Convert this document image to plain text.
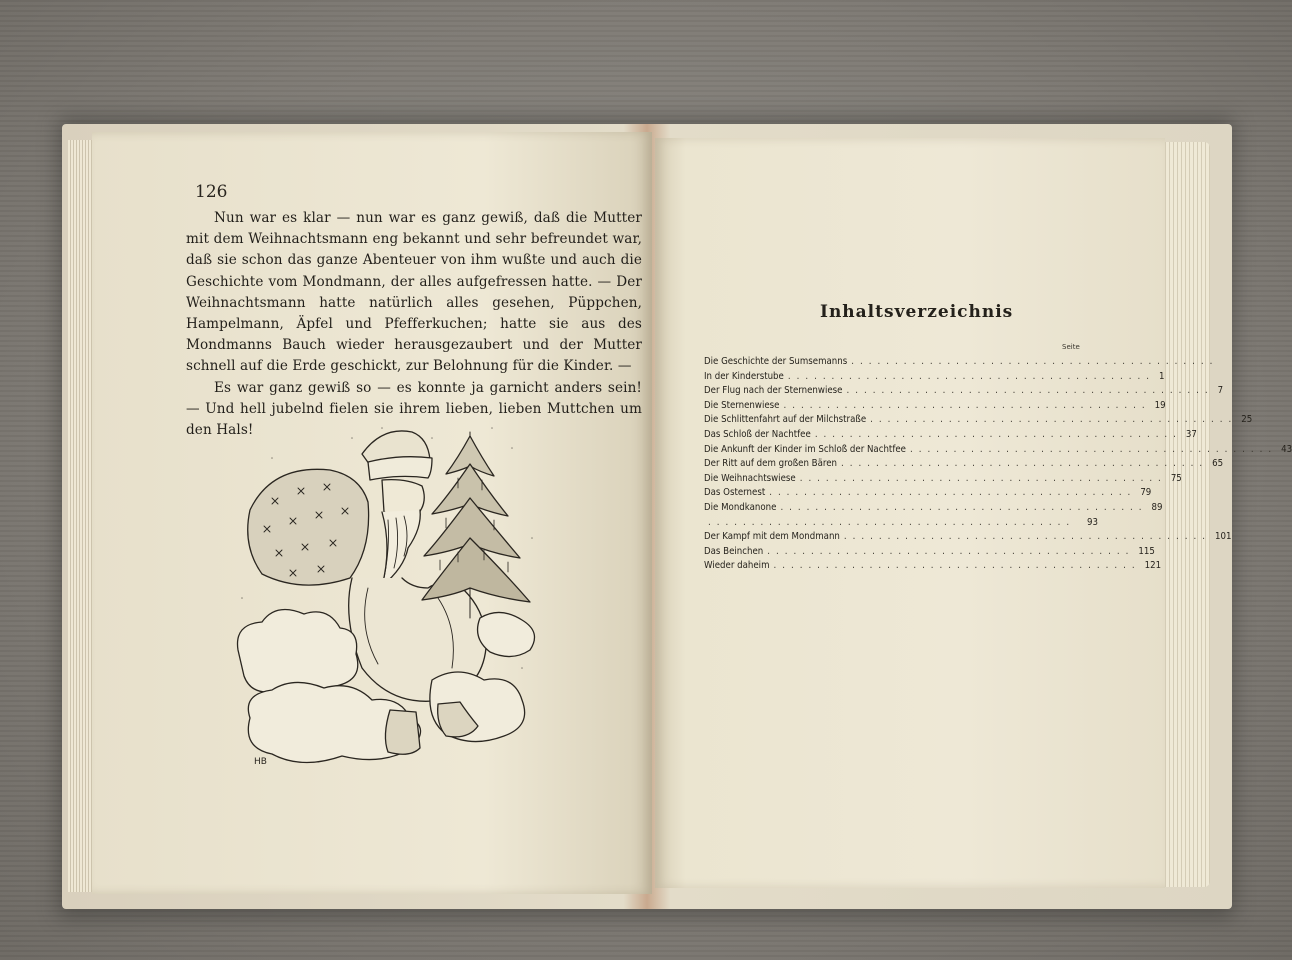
126

Nun war es klar — nun war es ganz gewiß, daß die Mutter mit dem Weihnachtsmann eng bekannt und sehr befreundet war, daß sie schon das ganze Abenteuer von ihm wußte und auch die Geschichte vom Mondmann, der alles aufgefressen hatte. — Der Weihnachtsmann hatte natürlich alles gesehen, Püppchen, Hampelmann, Äpfel und Pfefferkuchen; hatte sie aus des Mondmanns Bauch wieder herausgezaubert und der Mutter schnell auf die Erde geschickt, zur Belohnung für die Kinder. —

Es war ganz gewiß so — es konnte ja garnicht anders sein! — Und hell jubelnd fielen sie ihrem lieben, lieben Muttchen um den Hals!

HB
Inhaltsverzeichnis
Seite
Die Geschichte der Sumsemanns ..........................................
In der Kinderstube .......................................... 1
Der Flug nach der Sternenwiese .......................................... 7
Die Sternenwiese .......................................... 19
Die Schlittenfahrt auf der Milchstraße .......................................... 25
Das Schloß der Nachtfee .......................................... 37
Die Ankunft der Kinder im Schloß der Nachtfee .......................................... 43
Der Ritt auf dem großen Bären .......................................... 65
Die Weihnachtswiese .......................................... 75
Das Osternest .......................................... 79
Die Mondkanone .......................................... 89
..........................................	93
Der Kampf mit dem Mondmann .......................................... 101
Das Beinchen .......................................... 115
Wieder daheim .......................................... 121
